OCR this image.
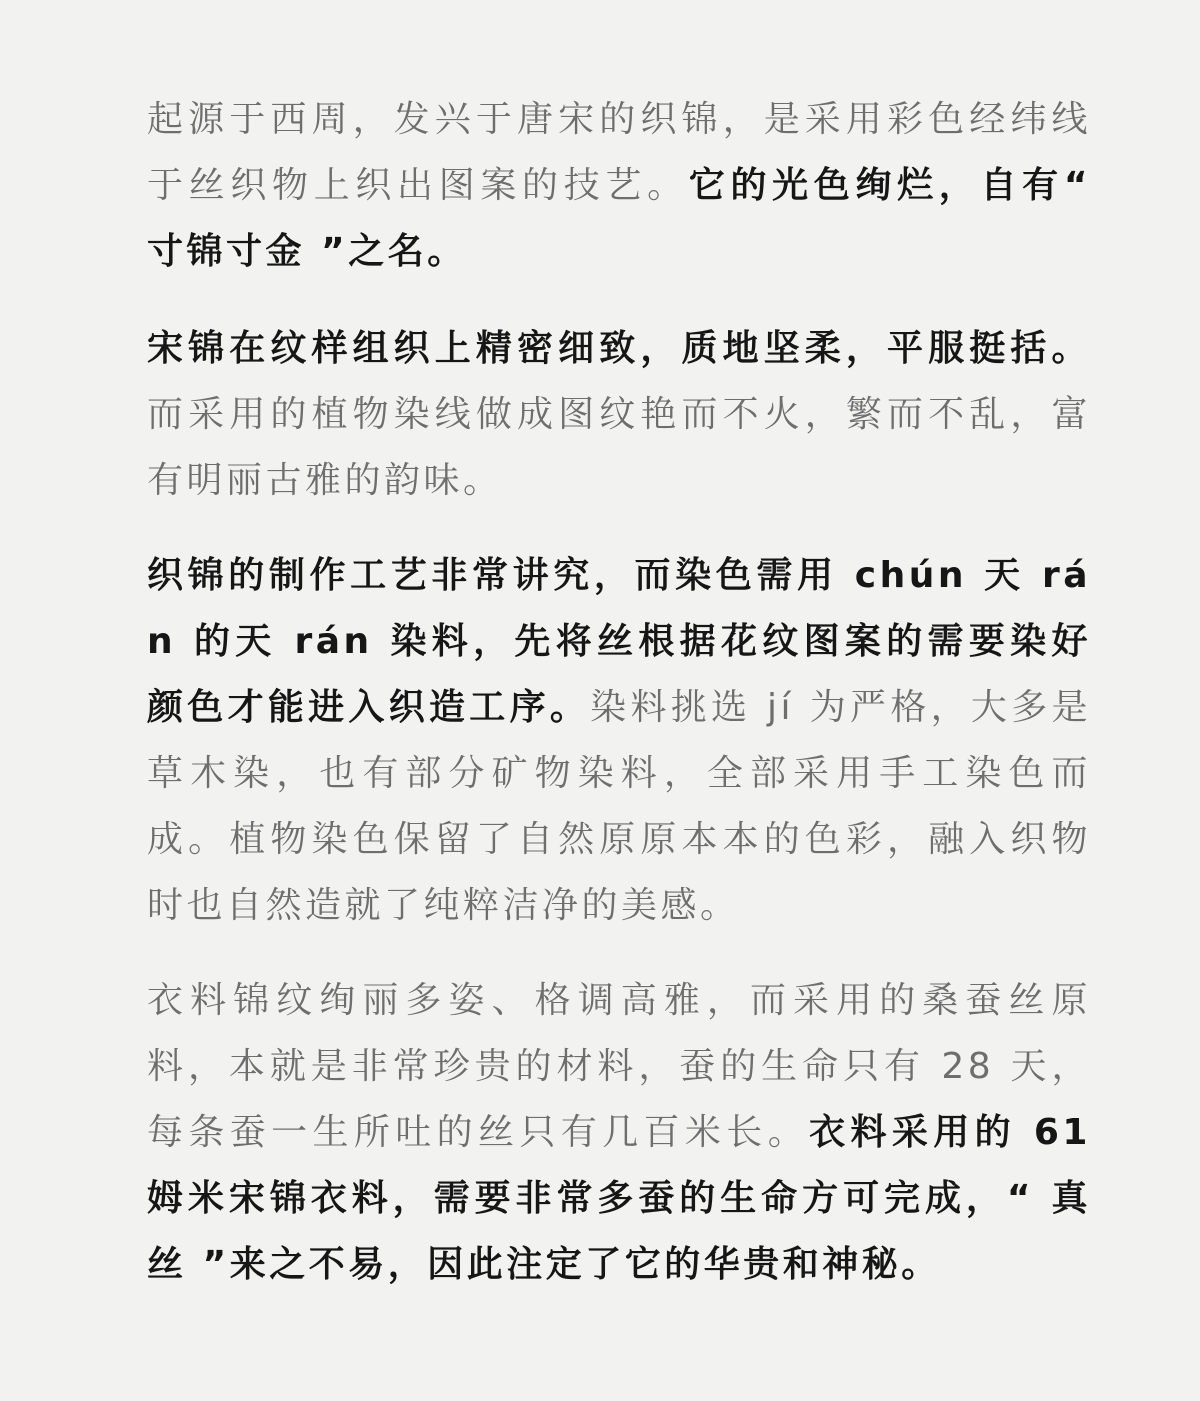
起源于西周，发兴于唐宋的织锦，是采用彩色经纬线于丝织物上织出图案的技艺。它的光色绚烂，自有“ 寸锦寸金 ”之名。

宋锦在纹样组织上精密细致，质地坚柔，平服挺括。而采用的植物染线做成图纹艳而不火，繁而不乱，富有明丽古雅的韵味。

织锦的制作工艺非常讲究，而染色需用 chún 天 rán 的天 rán 染料，先将丝根据花纹图案的需要染好颜色才能进入织造工序。染料挑选 jí 为严格，大多是草木染，也有部分矿物染料，全部采用手工染色而成。植物染色保留了自然原原本本的色彩，融入织物时也自然造就了纯粹洁净的美感。

衣料锦纹绚丽多姿、格调高雅，而采用的桑蚕丝原料，本就是非常珍贵的材料，蚕的生命只有 28 天，每条蚕一生所吐的丝只有几百米长。衣料采用的 61 姆米宋锦衣料，需要非常多蚕的生命方可完成，“ 真丝 ”来之不易，因此注定了它的华贵和神秘。
